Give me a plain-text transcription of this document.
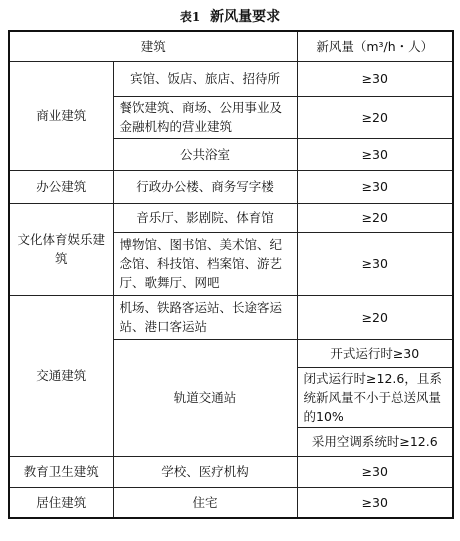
表1 新风量要求
建筑		新风量（m³/h・人）
商业建筑	宾馆、饭店、旅店、招待所	≥30
	餐饮建筑、商场、公用事业及金融机构的营业建筑	≥20
	公共浴室	≥30
办公建筑	行政办公楼、商务写字楼	≥30
文化体育娱乐建筑	音乐厅、影剧院、体育馆	≥20
	博物馆、图书馆、美术馆、纪念馆、科技馆、档案馆、游艺厅、歌舞厅、网吧	≥30
交通建筑	机场、铁路客运站、长途客运站、港口客运站	≥20
	轨道交通站	开式运行时≥30
		闭式运行时≥12.6，且系统新风量不小于总送风量的10%
		采用空调系统时≥12.6
教育卫生建筑	学校、医疗机构	≥30
居住建筑	住宅	≥30
